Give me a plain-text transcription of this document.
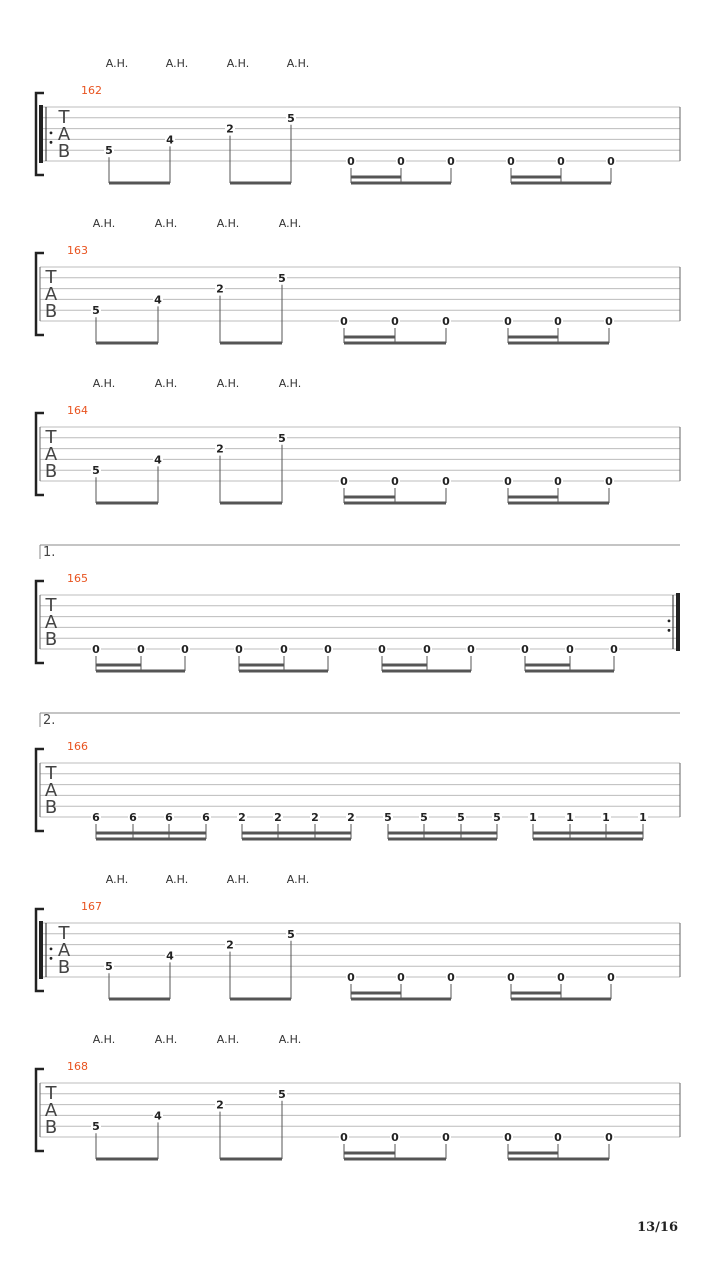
A.H.	A.H.	A.H.	A.H.
162
T
A
B	5
4
2
5
0	0	0	0	0	0
A.H.	A.H.	A.H.	A.H.
163
T
A
B	5
4
2
5
0	0	0	0	0	0
A.H.	A.H.	A.H.	A.H.
164
T
A
B	5
4
2
5
0	0	0	0	0	0
1.
165
T
A
B	0	0	0	0	0	0	0	0	0	0	0	0
2.
166
T
A
B	6	6	6	6	2	2	2	2	5	5	5	5	1	1	1	1
A.H.	A.H.	A.H.	A.H.
167
T
A
B	5
4
2
5
0	0	0	0	0	0
A.H.	A.H.	A.H.	A.H.
168
T
A
B	5
4
2
5
0	0	0	0	0	0
13/16
